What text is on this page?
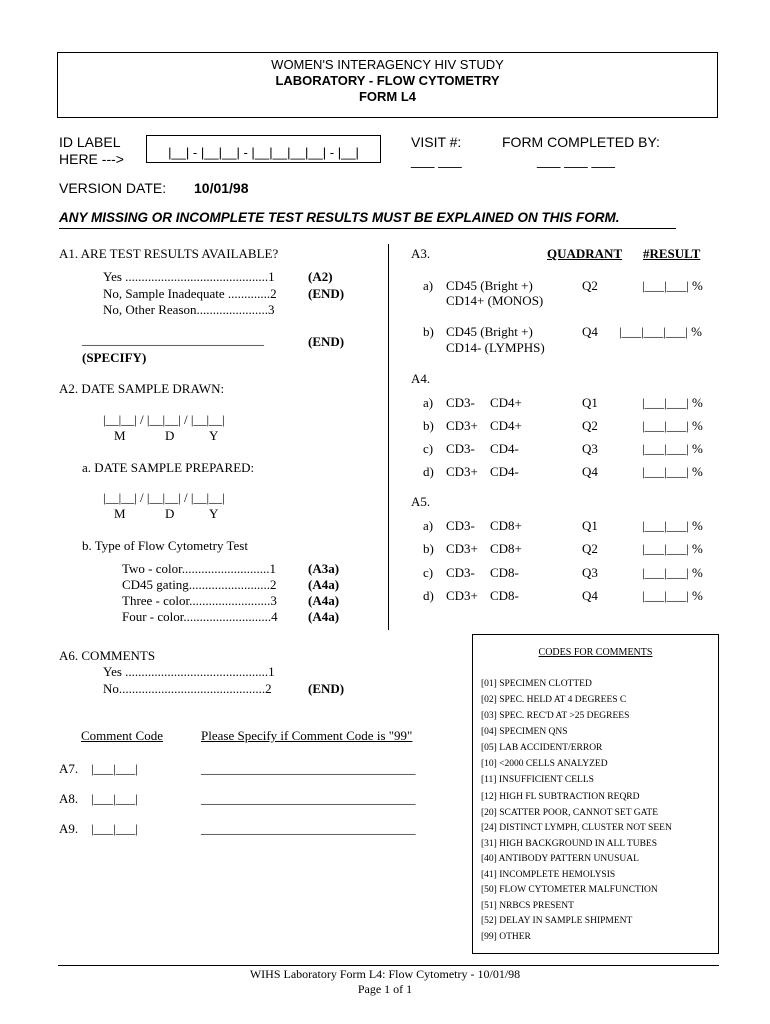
WOMEN'S INTERAGENCY HIV STUDY
LABORATORY - FLOW CYTOMETRY
FORM L4
ID LABEL
HERE --->	|__| - |__|__| - |__|__|__|__| - |__|
VISIT #:
___ ___
FORM COMPLETED BY:
___ ___ ___
VERSION DATE: 10/01/98
ANY MISSING OR INCOMPLETE TEST RESULTS MUST BE EXPLAINED ON THIS FORM.
A1. ARE TEST RESULTS AVAILABLE?
Yes ............................................1	(A2)
No, Sample Inadequate .............2 (END)
No, Other Reason......................3
____________________________	(END)
(SPECIFY)
A2. DATE SAMPLE DRAWN:
|__|__| / |__|__| / |__|__|
M	D	Y
a. DATE SAMPLE PREPARED:
|__|__| / |__|__| / |__|__|
M	D	Y
b. Type of Flow Cytometry Test
Two - color...........................1 (A3a)
CD45 gating.........................2 (A4a)
Three - color.........................3 (A4a)
Four - color...........................4 (A4a)
A3.	QUADRANT #RESULT
a) CD45 (Bright +)
CD14+ (MONOS)
Q2	|___|___| %
b) CD45 (Bright +)
CD14- (LYMPHS)
Q4 |___|___|___| %
A4.
a) CD3- CD4+	Q1	|___|___| %
b) CD3+ CD4+	Q2	|___|___| %
c) CD3- CD4-	Q3	|___|___| %
d) CD3+ CD4-	Q4	|___|___| %
A5.
a) CD3- CD8+	Q1	|___|___| %
b) CD3+ CD8+	Q2	|___|___| %
c) CD3- CD8-	Q3	|___|___| %
d) CD3+ CD8-	Q4	|___|___| %
A6. COMMENTS
Yes ............................................1
No.............................................2	(END)
Comment Code	Please Specify if Comment Code is "99"
A7. |___|___|	_________________________________
A8. |___|___|	_________________________________
A9. |___|___|	_________________________________
CODES FOR COMMENTS
[01] SPECIMEN CLOTTED
[02] SPEC. HELD AT 4 DEGREES C
[03] SPEC. REC'D AT >25 DEGREES
[04] SPECIMEN QNS
[05] LAB ACCIDENT/ERROR
[10] <2000 CELLS ANALYZED
[11] INSUFFICIENT CELLS
[12] HIGH FL SUBTRACTION REQRD
[20] SCATTER POOR, CANNOT SET GATE
[24] DISTINCT LYMPH, CLUSTER NOT SEEN
[31] HIGH BACKGROUND IN ALL TUBES
[40] ANTIBODY PATTERN UNUSUAL
[41] INCOMPLETE HEMOLYSIS
[50] FLOW CYTOMETER MALFUNCTION
[51] NRBCS PRESENT
[52] DELAY IN SAMPLE SHIPMENT
[99] OTHER
WIHS Laboratory Form L4: Flow Cytometry - 10/01/98
Page 1 of 1
